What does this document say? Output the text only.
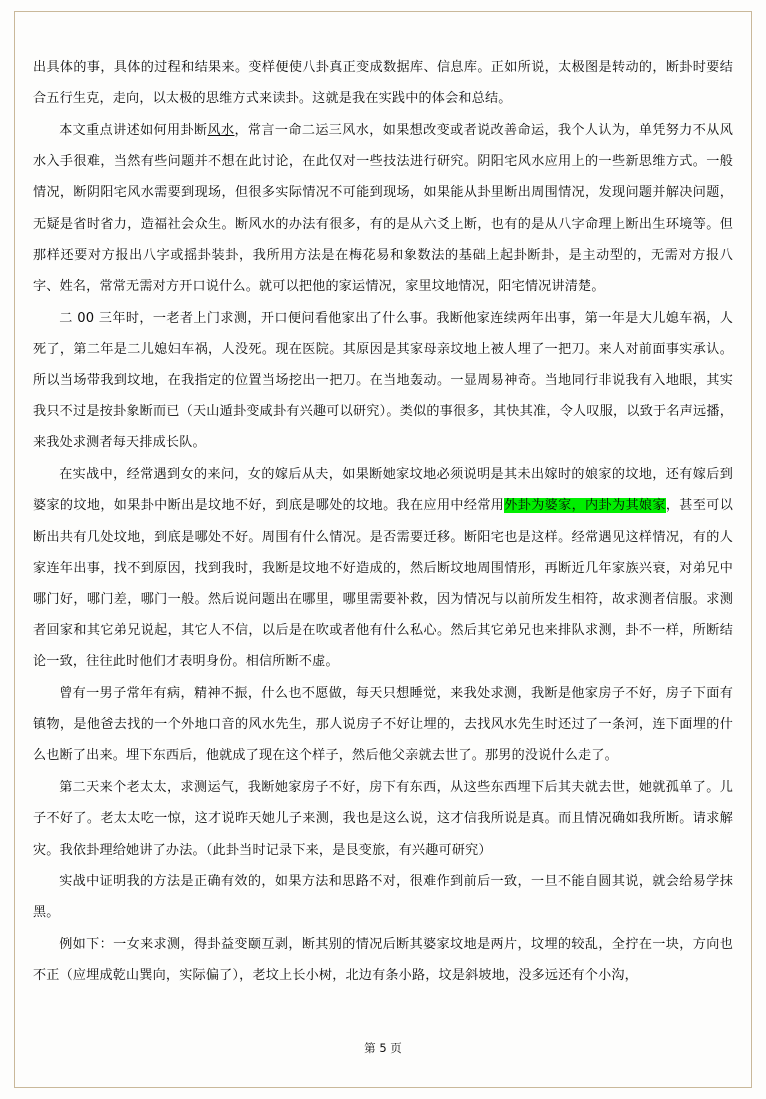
出具体的事，具体的过程和结果来。变样便使八卦真正变成数据库、信息库。正如所说，太极图是转动的，断卦时要结合五行生克，走向，以太极的思维方式来读卦。这就是我在实践中的体会和总结。

本文重点讲述如何用卦断风水，常言一命二运三风水，如果想改变或者说改善命运，我个人认为，单凭努力不从风水入手很难，当然有些问题并不想在此讨论，在此仅对一些技法进行研究。阴阳宅风水应用上的一些新思维方式。一般情况，断阴阳宅风水需要到现场，但很多实际情况不可能到现场，如果能从卦里断出周围情况，发现问题并解决问题，无疑是省时省力，造福社会众生。断风水的办法有很多，有的是从六爻上断，也有的是从八字命理上断出生环境等。但那样还要对方报出八字或摇卦装卦，我所用方法是在梅花易和象数法的基础上起卦断卦，是主动型的，无需对方报八字、姓名，常常无需对方开口说什么。就可以把他的家运情况，家里坟地情况，阳宅情况讲清楚。

二 00 三年时，一老者上门求测，开口便问看他家出了什么事。我断他家连续两年出事，第一年是大儿媳车祸，人死了，第二年是二儿媳妇车祸，人没死。现在医院。其原因是其家母亲坟地上被人埋了一把刀。来人对前面事实承认。所以当场带我到坟地，在我指定的位置当场挖出一把刀。在当地轰动。一显周易神奇。当地同行非说我有入地眼，其实我只不过是按卦象断而已（天山遁卦变咸卦有兴趣可以研究）。类似的事很多，其快其准，令人叹服，以致于名声远播，来我处求测者每天排成长队。

在实战中，经常遇到女的来问，女的嫁后从夫，如果断她家坟地必须说明是其未出嫁时的娘家的坟地，还有嫁后到婆家的坟地，如果卦中断出是坟地不好，到底是哪处的坟地。我在应用中经常用外卦为婆家，内卦为其娘家，甚至可以断出共有几处坟地，到底是哪处不好。周围有什么情况。是否需要迁移。断阳宅也是这样。经常遇见这样情况，有的人家连年出事，找不到原因，找到我时，我断是坟地不好造成的，然后断坟地周围情形，再断近几年家族兴衰，对弟兄中哪门好，哪门差，哪门一般。然后说问题出在哪里，哪里需要补救，因为情况与以前所发生相符，故求测者信服。求测者回家和其它弟兄说起，其它人不信，以后是在吹或者他有什么私心。然后其它弟兄也来排队求测，卦不一样，所断结论一致，往往此时他们才表明身份。相信所断不虚。

曾有一男子常年有病，精神不振，什么也不愿做，每天只想睡觉，来我处求测，我断是他家房子不好，房子下面有镇物，是他爸去找的一个外地口音的风水先生，那人说房子不好让埋的，去找风水先生时还过了一条河，连下面埋的什么也断了出来。埋下东西后，他就成了现在这个样子，然后他父亲就去世了。那男的没说什么走了。

第二天来个老太太，求测运气，我断她家房子不好，房下有东西，从这些东西埋下后其夫就去世，她就孤单了。儿子不好了。老太太吃一惊，这才说昨天她儿子来测，我也是这么说，这才信我所说是真。而且情况确如我所断。请求解灾。我依卦理给她讲了办法。（此卦当时记录下来，是艮变旅，有兴趣可研究）

实战中证明我的方法是正确有效的，如果方法和思路不对，很难作到前后一致，一旦不能自圆其说，就会给易学抹黑。

例如下：一女来求测，得卦益变颐互剥，断其别的情况后断其婆家坟地是两片，坟埋的较乱，全拧在一块，方向也不正（应埋成乾山巽向，实际偏了），老坟上长小树，北边有条小路，坟是斜坡地，没多远还有个小沟，

第 5 页
